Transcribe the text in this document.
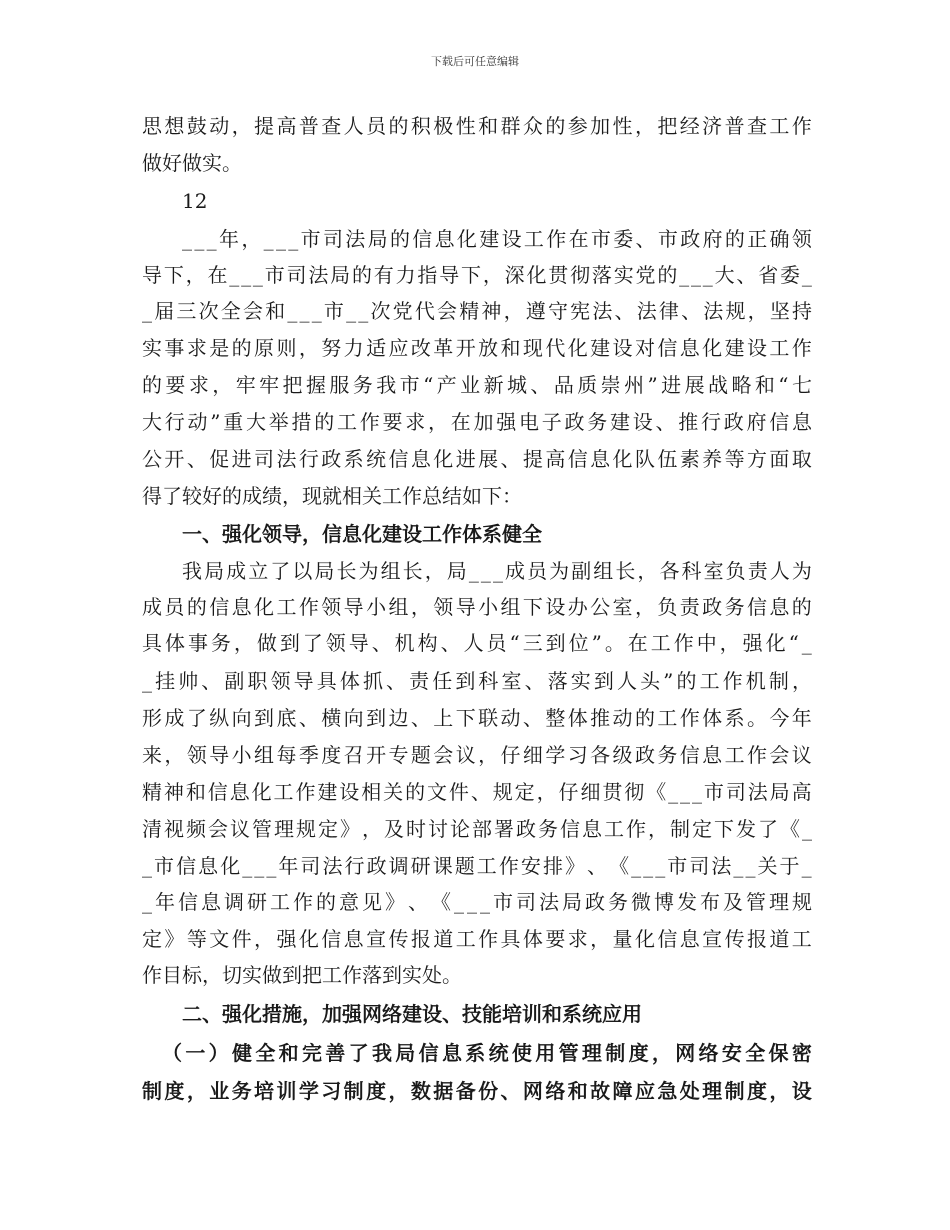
下载后可任意编辑
思 想 鼓 动 ， 提 高 普 查 人 员 的 积 极 性 和 群 众 的 参 加 性 ， 把 经 济 普 查 工 作
做好做实。
12
_ _ _ 年 ， _ _ _ 市 司 法 局 的 信 息 化 建 设 工 作 在 市 委 、 市 政 府 的 正 确 领
导 下 ， 在 _ _ _ 市 司 法 局 的 有 力 指 导 下 ， 深 化 贯 彻 落 实 党 的 _ _ _ 大 、 省 委 _
_ 届 三 次 全 会 和 _ _ _ 市 _ _ 次 党 代 会 精 神 ， 遵 守 宪 法 、 法 律 、 法 规 ， 坚 持
实 事 求 是 的 原 则 ， 努 力 适 应 改 革 开 放 和 现 代 化 建 设 对 信 息 化 建 设 工 作
的 要 求 ， 牢 牢 把 握 服 务 我 市 “ 产 业 新 城 、 品 质 崇 州 ” 进 展 战 略 和 “ 七
大 行 动 ” 重 大 举 措 的 工 作 要 求 ， 在 加 强 电 子 政 务 建 设 、 推 行 政 府 信 息
公 开 、 促 进 司 法 行 政 系 统 信 息 化 进 展 、 提 高 信 息 化 队 伍 素 养 等 方 面 取
得了较好的成绩，现就相关工作总结如下：
一、强化领导，信息化建设工作体系健全
我 局 成 立 了 以 局 长 为 组 长 ， 局 _ _ _ 成 员 为 副 组 长 ， 各 科 室 负 责 人 为
成 员 的 信 息 化 工 作 领 导 小 组 ， 领 导 小 组 下 设 办 公 室 ， 负 责 政 务 信 息 的
具 体 事 务 ， 做 到 了 领 导 、 机 构 、 人 员 “ 三 到 位 ” 。 在 工 作 中 ， 强 化 “ _
_ 挂 帅 、 副 职 领 导 具 体 抓 、 责 任 到 科 室 、 落 实 到 人 头 ” 的 工 作 机 制 ，
形 成 了 纵 向 到 底 、 横 向 到 边 、 上 下 联 动 、 整 体 推 动 的 工 作 体 系 。 今 年
来 ， 领 导 小 组 每 季 度 召 开 专 题 会 议 ， 仔 细 学 习 各 级 政 务 信 息 工 作 会 议
精 神 和 信 息 化 工 作 建 设 相 关 的 文 件 、 规 定 ， 仔 细 贯 彻 《 _ _ _ 市 司 法 局 高
清 视 频 会 议 管 理 规 定 》 ， 及 时 讨 论 部 署 政 务 信 息 工 作 ， 制 定 下 发 了 《 _
_ 市 信 息 化 _ _ _ 年 司 法 行 政 调 研 课 题 工 作 安 排 》 、 《 _ _ _ 市 司 法 _ _ 关 于 _
_ 年 信 息 调 研 工 作 的 意 见 》 、 《 _ _ _ 市 司 法 局 政 务 微 博 发 布 及 管 理 规
定 》 等 文 件 ， 强 化 信 息 宣 传 报 道 工 作 具 体 要 求 ， 量 化 信 息 宣 传 报 道 工
作目标，切实做到把工作落到实处。
二、强化措施，加强网络建设、技能培训和系统应用
（ 一 ） 健 全 和 完 善 了 我 局 信 息 系 统 使 用 管 理 制 度 ， 网 络 安 全 保 密
制 度 ， 业 务 培 训 学 习 制 度 ， 数 据 备 份 、 网 络 和 故 障 应 急 处 理 制 度 ， 设
